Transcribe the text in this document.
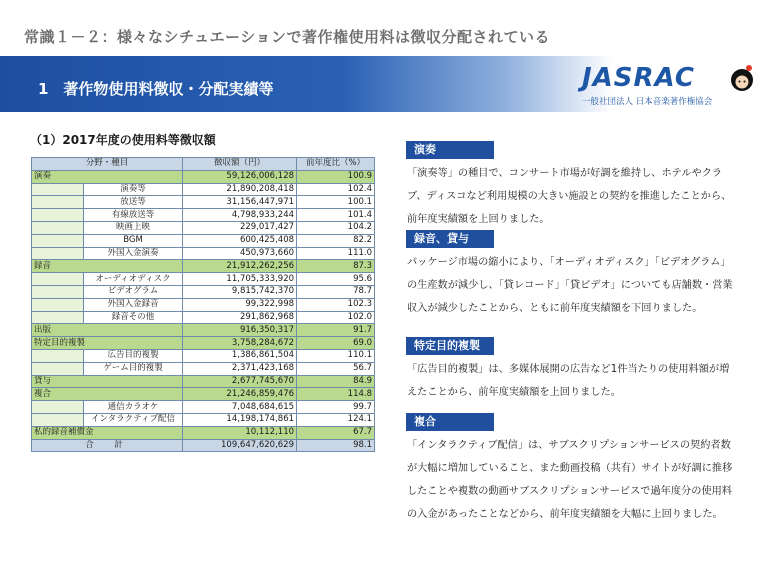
常識１－２：様々なシチュエーションで著作権使用料は徴収分配されている
1　著作物使用料徴収・分配実績等	JASRAC
一般社団法人 日本音楽著作権協会
（1）2017年度の使用料等徴収額
分野・種目		徴収額（円）	前年度比（%）
演奏		59,126,006,128	100.9
	演奏等	21,890,208,418	102.4
	放送等	31,156,447,971	100.1
	有線放送等	4,798,933,244	101.4
	映画上映	229,017,427	104.2
	BGM	600,425,408	82.2
	外国入金演奏	450,973,660	111.0
録音		21,912,262,256	87.3
	オーディオディスク	11,705,333,920	95.6
	ビデオグラム	9,815,742,370	78.7
	外国入金録音	99,322,998	102.3
	録音その他	291,862,968	102.0
出版		916,350,317	91.7
特定目的複製		3,758,284,672	69.0
	広告目的複製	1,386,861,504	110.1
	ゲーム目的複製	2,371,423,168	56.7
貸与		2,677,745,670	84.9
複合		21,246,859,476	114.8
	通信カラオケ	7,048,684,615	99.7
	インタラクティブ配信	14,198,174,861	124.1
私的録音補償金		10,112,110	67.7
合　計		109,647,620,629	98.1
演奏
「演奏等」の種目で、コンサート市場が好調を維持し、ホテルやクラブ、ディスコなど利用規模の大きい施設との契約を推進したことから、前年度実績額を上回りました。
録音、貸与
パッケージ市場の縮小により、「オーディオディスク」「ビデオグラム」の生産数が減少し、「貸レコード」「貸ビデオ」についても店舗数・営業収入が減少したことから、ともに前年度実績額を下回りました。
特定目的複製
「広告目的複製」は、多媒体展開の広告など1件当たりの使用料額が増えたことから、前年度実績額を上回りました。
複合
「インタラクティブ配信」は、サブスクリプションサービスの契約者数が大幅に増加していること、また動画投稿（共有）サイトが好調に推移したことや複数の動画サブスクリプションサービスで過年度分の使用料の入金があったことなどから、前年度実績額を大幅に上回りました。
